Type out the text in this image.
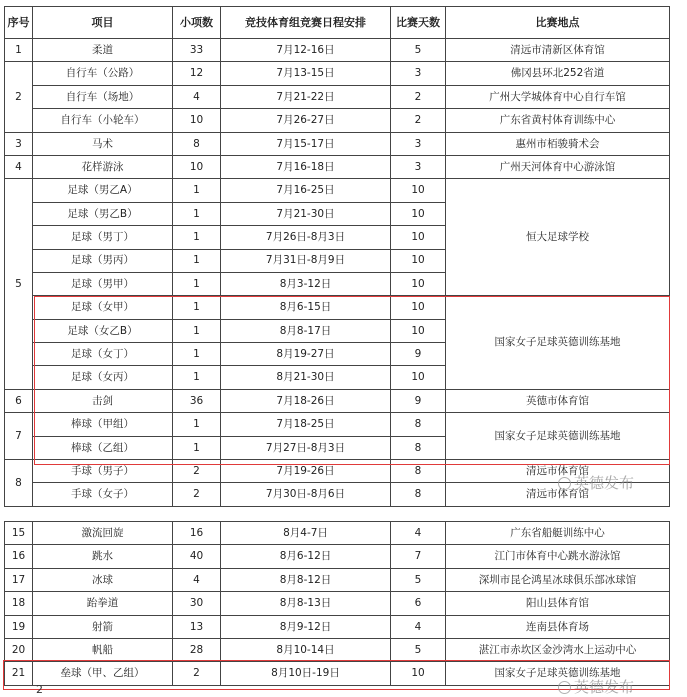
序号	项目	小项数	竞技体育组竞赛日程安排	比赛天数	比赛地点
1	柔道	33	7月12-16日	5	清远市清新区体育馆
2	自行车（公路）	12	7月13-15日	3	佛冈县环北252省道
	自行车（场地）	4	7月21-22日	2	广州大学城体育中心自行车馆
	自行车（小轮车）	10	7月26-27日	2	广东省黄村体育训练中心
3	马术	8	7月15-17日	3	惠州市栢骏骑术会
4	花样游泳	10	7月16-18日	3	广州天河体育中心游泳馆
5	足球（男乙A）	1	7月16-25日	10	恒大足球学校
	足球（男乙B）	1	7月21-30日	10	
	足球（男丁）	1	7月26日-8月3日	10	
	足球（男丙）	1	7月31日-8月9日	10	
	足球（男甲）	1	8月3-12日	10	
	足球（女甲）	1	8月6-15日	10	国家女子足球英德训练基地
	足球（女乙B）	1	8月8-17日	10	
	足球（女丁）	1	8月19-27日	9	
	足球（女丙）	1	8月21-30日	10	
6	击剑	36	7月18-26日	9	英德市体育馆
7	棒球（甲组）	1	7月18-25日	8	国家女子足球英德训练基地
	棒球（乙组）	1	7月27日-8月3日	8	
8	手球（男子）	2	7月19-26日	8	清远市体育馆
	手球（女子）	2	7月30日-8月6日	8	清远市体育馆
15	激流回旋	16	8月4-7日	4	广东省船艇训练中心
16	跳水	40	8月6-12日	7	江门市体育中心跳水游泳馆
17	冰球	4	8月8-12日	5	深圳市昆仑鸿星冰球俱乐部冰球馆
18	跆拳道	30	8月8-13日	6	阳山县体育馆
19	射箭	13	8月9-12日	4	连南县体育场
20	帆船	28	8月10-14日	5	湛江市赤坎区金沙湾水上运动中心
21	垒球（甲、乙组）	2	8月10日-19日	10	国家女子足球英德训练基地
英德发布
英德发布
2
